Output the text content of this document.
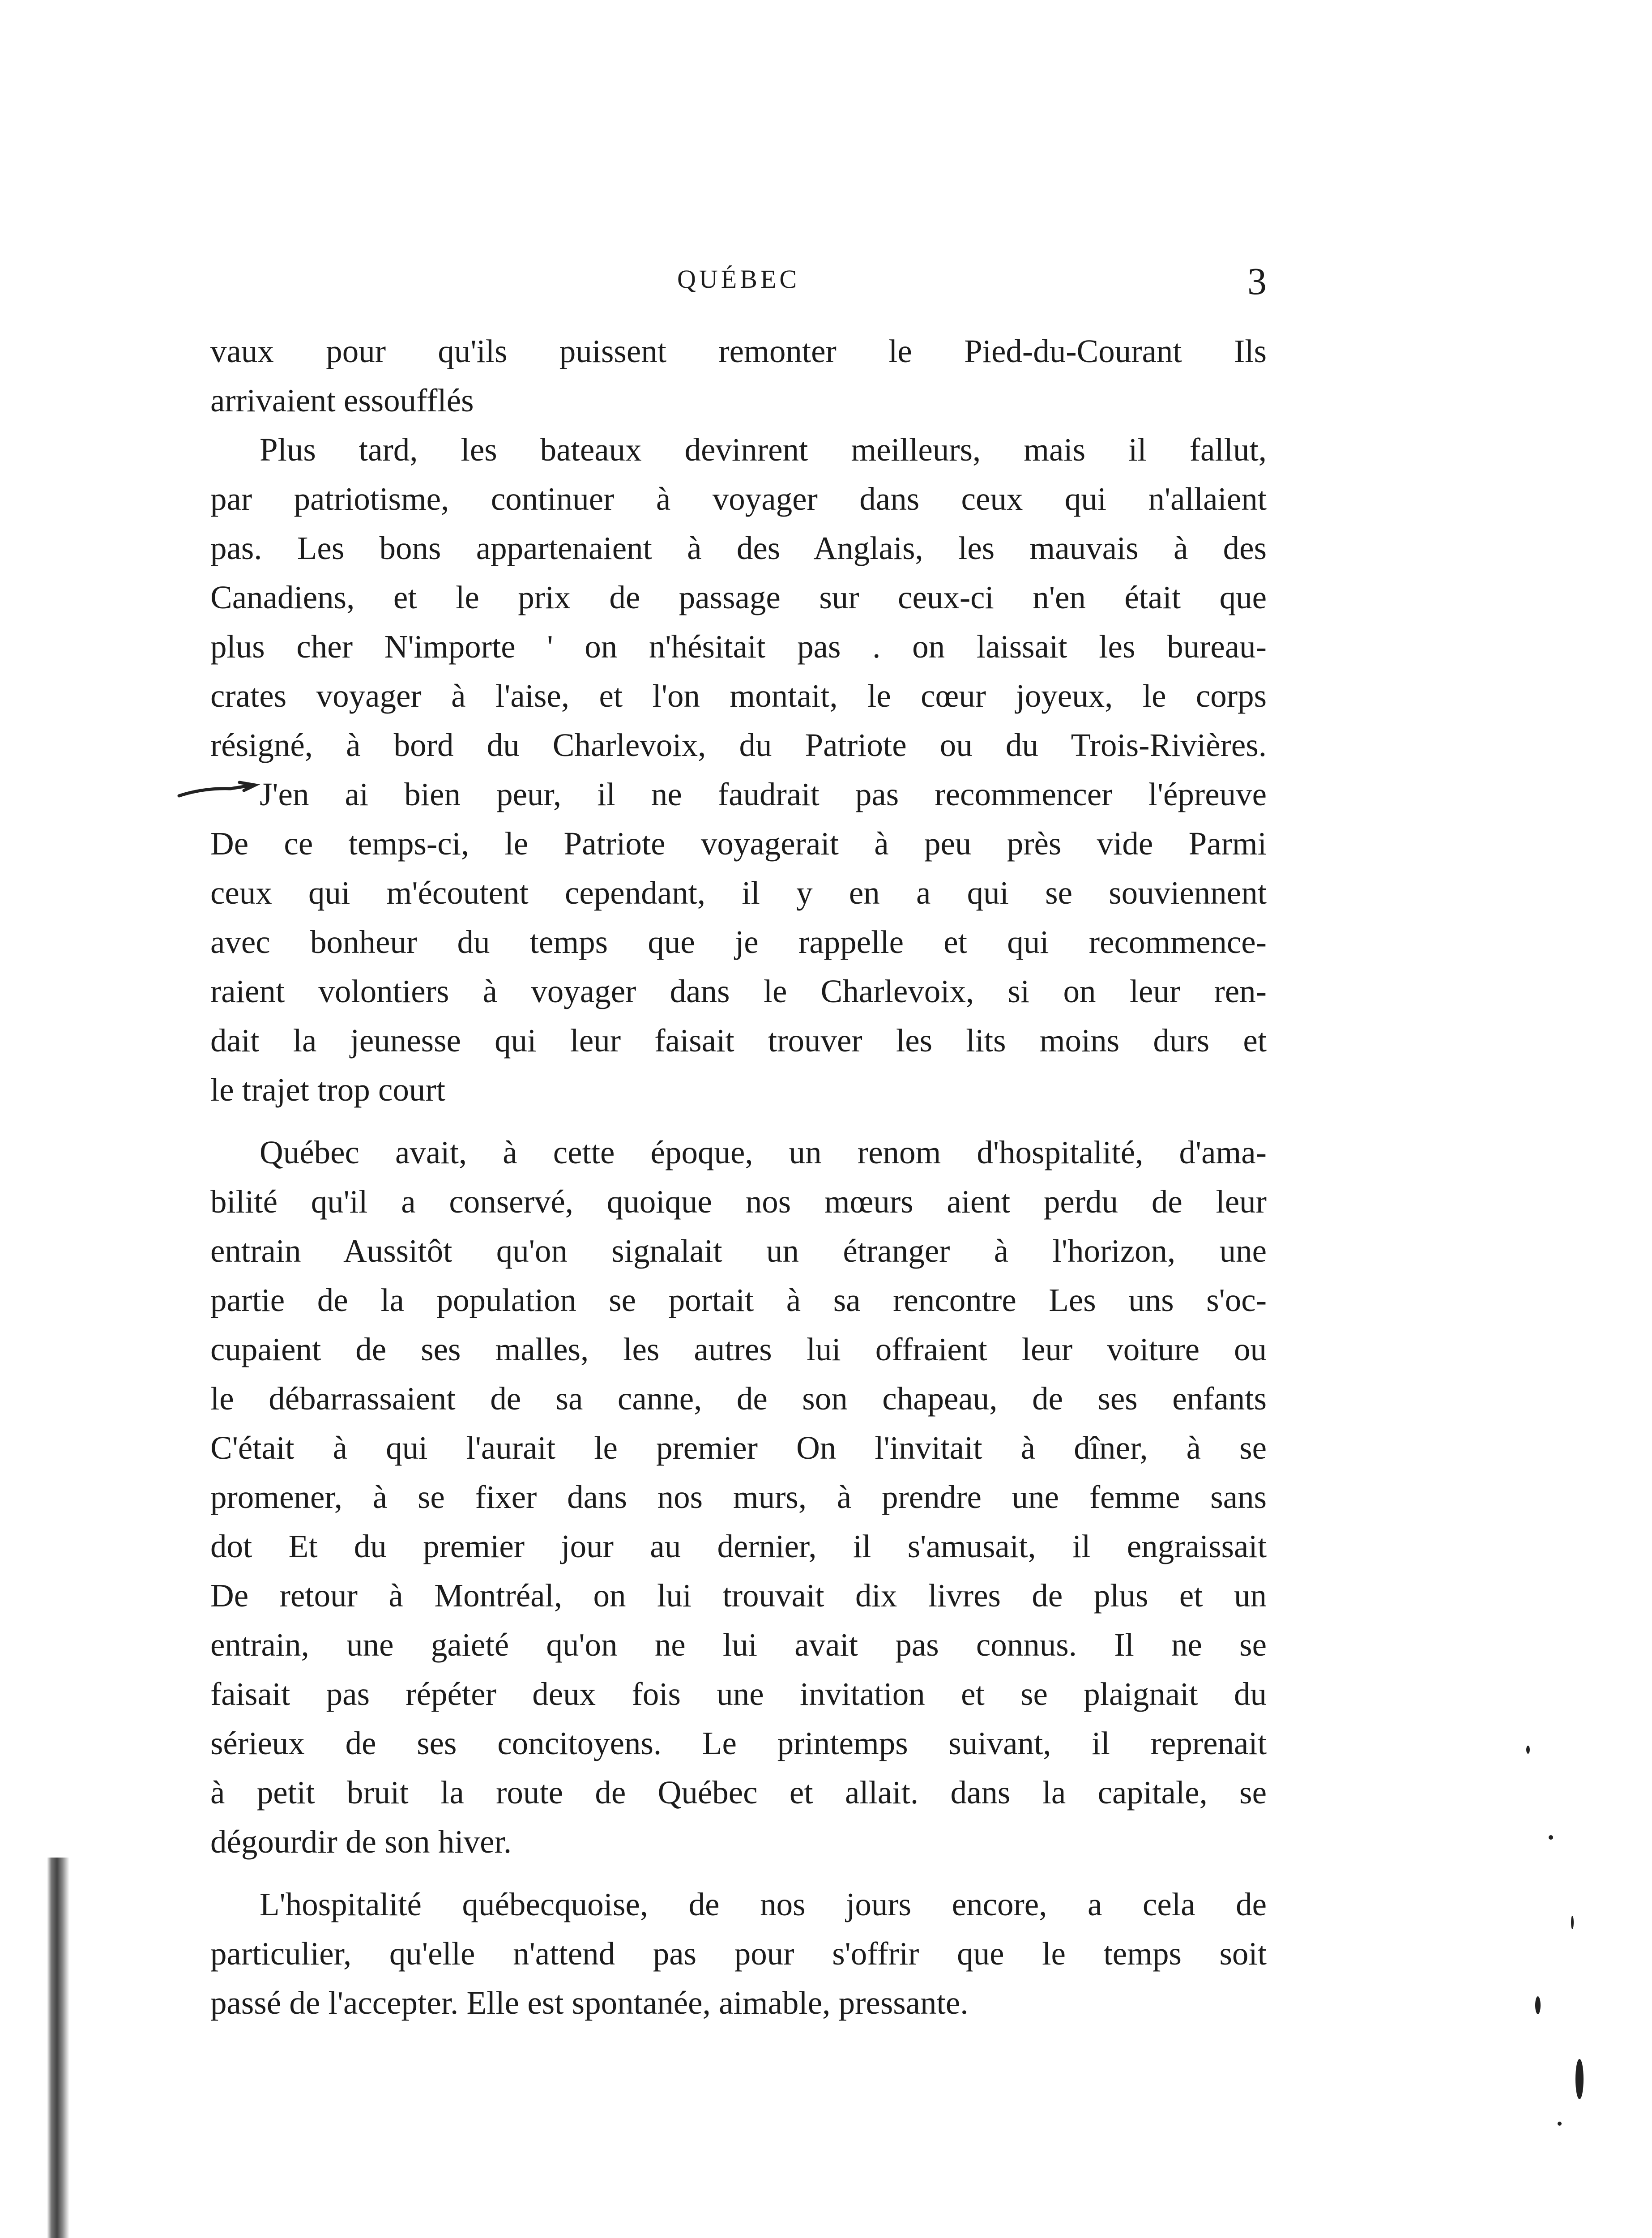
QUÉBEC	3

vaux pour qu'ils puissent remonter le Pied-du-Courant Ils
arrivaient essoufflés

Plus tard, les bateaux devinrent meilleurs, mais il fallut,
par patriotisme, continuer à voyager dans ceux qui n'allaient
pas. Les bons appartenaient à des Anglais, les mauvais à des
Canadiens, et le prix de passage sur ceux-ci n'en était que
plus cher N'importe ' on n'hésitait pas . on laissait les bureau-
crates voyager à l'aise, et l'on montait, le cœur joyeux, le corps
résigné, à bord du Charlevoix, du Patriote ou du Trois-Rivières.
J'en ai bien peur, il ne faudrait pas recommencer l'épreuve
De ce temps-ci, le Patriote voyagerait à peu près vide Parmi
ceux qui m'écoutent cependant, il y en a qui se souviennent
avec bonheur du temps que je rappelle et qui recommence-
raient volontiers à voyager dans le Charlevoix, si on leur ren-
dait la jeunesse qui leur faisait trouver les lits moins durs et
le trajet trop court

Québec avait, à cette époque, un renom d'hospitalité, d'ama-
bilité qu'il a conservé, quoique nos mœurs aient perdu de leur
entrain Aussitôt qu'on signalait un étranger à l'horizon, une
partie de la population se portait à sa rencontre Les uns s'oc-
cupaient de ses malles, les autres lui offraient leur voiture ou
le débarrassaient de sa canne, de son chapeau, de ses enfants
C'était à qui l'aurait le premier On l'invitait à dîner, à se
promener, à se fixer dans nos murs, à prendre une femme sans
dot Et du premier jour au dernier, il s'amusait, il engraissait
De retour à Montréal, on lui trouvait dix livres de plus et un
entrain, une gaieté qu'on ne lui avait pas connus. Il ne se
faisait pas répéter deux fois une invitation et se plaignait du
sérieux de ses concitoyens. Le printemps suivant, il reprenait
à petit bruit la route de Québec et allait. dans la capitale, se
dégourdir de son hiver.

L'hospitalité québecquoise, de nos jours encore, a cela de
particulier, qu'elle n'attend pas pour s'offrir que le temps soit
passé de l'accepter. Elle est spontanée, aimable, pressante.
